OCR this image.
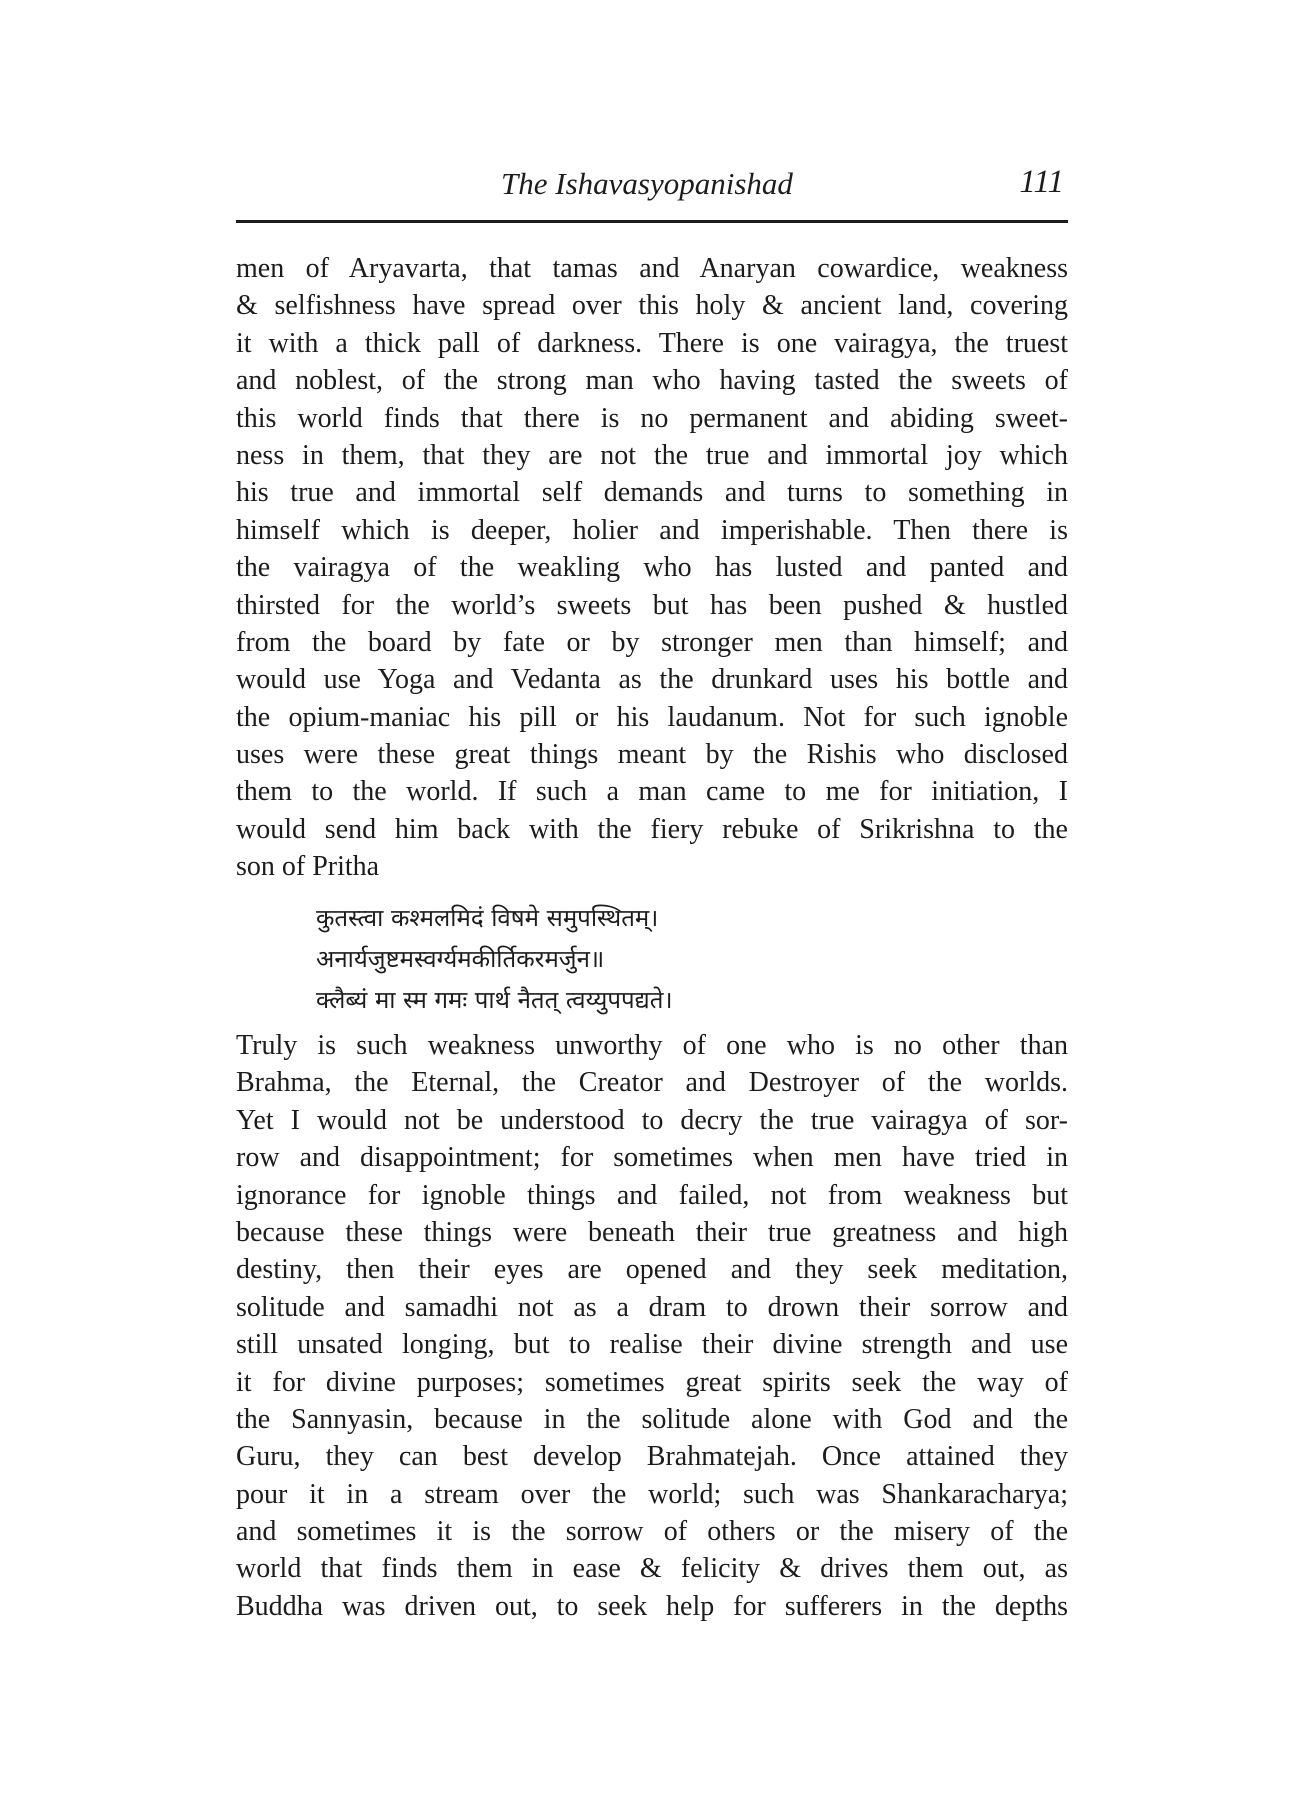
The Ishavasyopanishad	111
men of Aryavarta, that tamas and Anaryan cowardice, weakness
& selfishness have spread over this holy & ancient land, covering
it with a thick pall of darkness. There is one vairagya, the truest
and noblest, of the strong man who having tasted the sweets of
this world finds that there is no permanent and abiding sweet-
ness in them, that they are not the true and immortal joy which
his true and immortal self demands and turns to something in
himself which is deeper, holier and imperishable. Then there is
the vairagya of the weakling who has lusted and panted and
thirsted for the world’s sweets but has been pushed & hustled
from the board by fate or by stronger men than himself; and
would use Yoga and Vedanta as the drunkard uses his bottle and
the opium-maniac his pill or his laudanum. Not for such ignoble
uses were these great things meant by the Rishis who disclosed
them to the world. If such a man came to me for initiation, I
would send him back with the fiery rebuke of Srikrishna to the
son of Pritha
कुतस्त्वा कश्मलमिदं विषमे समुपस्थितम्।
अनार्यजुष्टमस्वर्ग्यमकीर्तिकरमर्जुन॥
क्लैब्यं मा स्म गमः पार्थ नैतत् त्वय्युपपद्यते।
Truly is such weakness unworthy of one who is no other than
Brahma, the Eternal, the Creator and Destroyer of the worlds.
Yet I would not be understood to decry the true vairagya of sor-
row and disappointment; for sometimes when men have tried in
ignorance for ignoble things and failed, not from weakness but
because these things were beneath their true greatness and high
destiny, then their eyes are opened and they seek meditation,
solitude and samadhi not as a dram to drown their sorrow and
still unsated longing, but to realise their divine strength and use
it for divine purposes; sometimes great spirits seek the way of
the Sannyasin, because in the solitude alone with God and the
Guru, they can best develop Brahmatejah. Once attained they
pour it in a stream over the world; such was Shankaracharya;
and sometimes it is the sorrow of others or the misery of the
world that finds them in ease & felicity & drives them out, as
Buddha was driven out, to seek help for sufferers in the depths
